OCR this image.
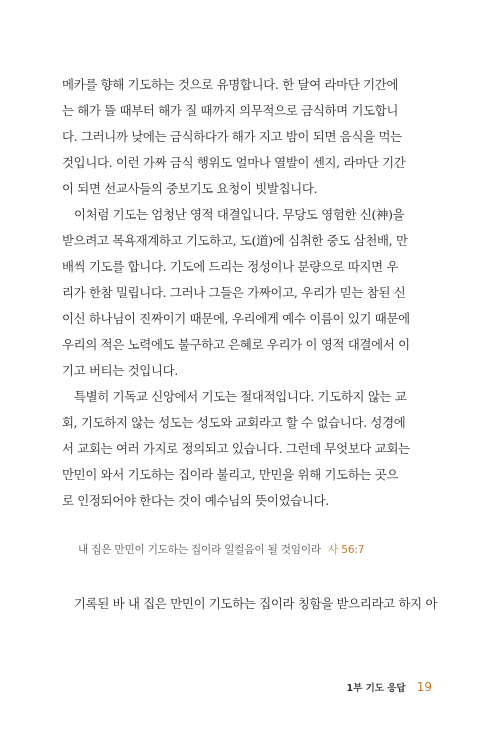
메카를 향해 기도하는 것으로 유명합니다. 한 달여 라마단 기간에
는 해가 뜰 때부터 해가 질 때까지 의무적으로 금식하며 기도합니
다. 그러니까 낮에는 금식하다가 해가 지고 밤이 되면 음식을 먹는
것입니다. 이런 가짜 금식 행위도 얼마나 열발이 센지, 라마단 기간
이 되면 선교사들의 중보기도 요청이 빗발칩니다.
이처럼 기도는 엄청난 영적 대결입니다. 무당도 영험한 신(神)을
받으려고 목욕재계하고 기도하고, 도(道)에 심취한 중도 삼천배, 만
배씩 기도를 합니다. 기도에 드리는 정성이나 분량으로 따지면 우
리가 한참 밀립니다. 그러나 그들은 가짜이고, 우리가 믿는 참된 신
이신 하나님이 진짜이기 때문에, 우리에게 예수 이름이 있기 때문에
우리의 적은 노력에도 불구하고 은혜로 우리가 이 영적 대결에서 이
기고 버티는 것입니다.
특별히 기독교 신앙에서 기도는 절대적입니다. 기도하지 않는 교
회, 기도하지 않는 성도는 성도와 교회라고 할 수 없습니다. 성경에
서 교회는 여러 가지로 정의되고 있습니다. 그런데 무엇보다 교회는
만민이 와서 기도하는 집이라 불리고, 만민을 위해 기도하는 곳으
로 인정되어야 한다는 것이 예수님의 뜻이었습니다.
내 집은 만민이 기도하는 집이라 일컬음이 될 것임이라 사 56:7
기록된 바 내 집은 만민이 기도하는 집이라 칭함을 받으리라고 하지 아
1부 기도 응답 19
